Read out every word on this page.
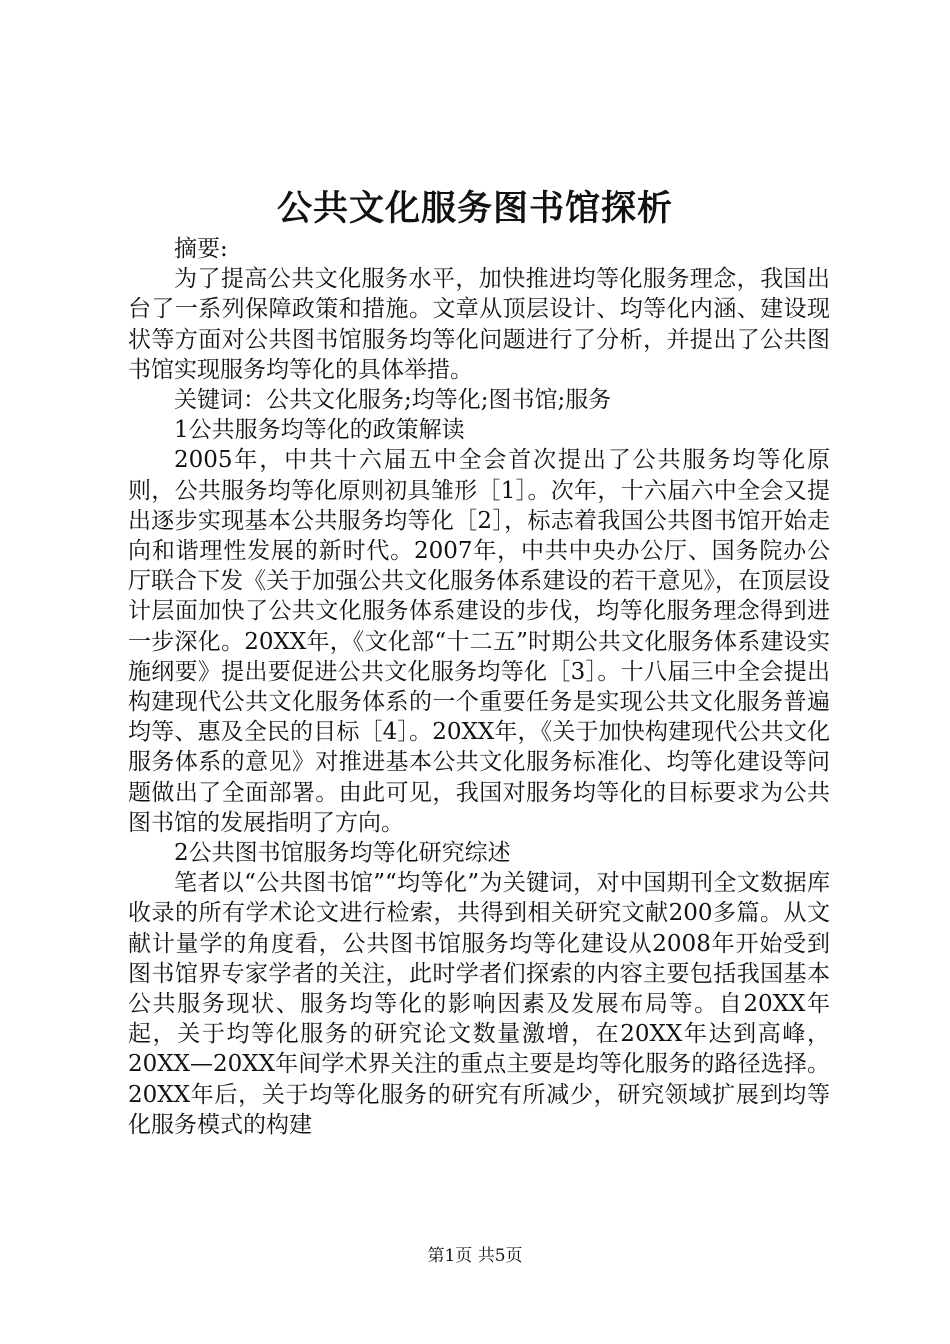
公共文化服务图书馆探析

摘要:

为了提高公共文化服务水平，加快推进均等化服务理念，我国出台了一系列保障政策和措施。文章从顶层设计、均等化内涵、建设现状等方面对公共图书馆服务均等化问题进行了分析，并提出了公共图书馆实现服务均等化的具体举措。

关键词：公共文化服务;均等化;图书馆;服务

1公共服务均等化的政策解读

2005年，中共十六届五中全会首次提出了公共服务均等化原则，公共服务均等化原则初具雏形［1］。次年，十六届六中全会又提出逐步实现基本公共服务均等化［2］，标志着我国公共图书馆开始走向和谐理性发展的新时代。2007年，中共中央办公厅、国务院办公厅联合下发《关于加强公共文化服务体系建设的若干意见》，在顶层设计层面加快了公共文化服务体系建设的步伐，均等化服务理念得到进一步深化。20XX年，《文化部“十二五”时期公共文化服务体系建设实施纲要》提出要促进公共文化服务均等化［3］。十八届三中全会提出构建现代公共文化服务体系的一个重要任务是实现公共文化服务普遍均等、惠及全民的目标［4］。20XX年，《关于加快构建现代公共文化服务体系的意见》对推进基本公共文化服务标准化、均等化建设等问题做出了全面部署。由此可见，我国对服务均等化的目标要求为公共图书馆的发展指明了方向。

2公共图书馆服务均等化研究综述

笔者以“公共图书馆”“均等化”为关键词，对中国期刊全文数据库收录的所有学术论文进行检索，共得到相关研究文献200多篇。从文献计量学的角度看，公共图书馆服务均等化建设从2008年开始受到图书馆界专家学者的关注，此时学者们探索的内容主要包括我国基本公共服务现状、服务均等化的影响因素及发展布局等。自20XX年起，关于均等化服务的研究论文数量激增，在20XX年达到高峰，20XX—20XX年间学术界关注的重点主要是均等化服务的路径选择。20XX年后，关于均等化服务的研究有所减少，研究领域扩展到均等化服务模式的构建

第1页 共5页
